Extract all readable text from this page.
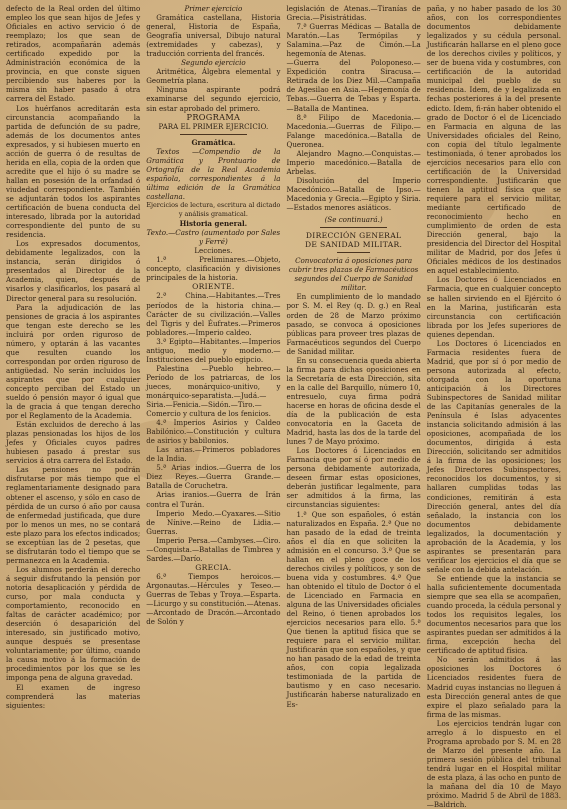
defecto de la Real orden del último empleo los que sean hijos de Jefes y Oficiales en activo servicio ó de reemplazo; los que sean de retirados, acompañarán además certificado expedido por la Administración económica de la provincia, en que conste siguen percibiendo sus haberes por la misma sin haber pasado á otra carrera del Estado.

Los huérfanos acreditarán esta circunstancia acompañando la partida de defunción de su padre, además de los documentos antes expresados, y si hubiesen muerto en acción de guerra ó de resultas de herida en ella, copia de la orden que acredite que el hijo ó su madre se hallan en posesión de la orfandad ó viudedad correspondiente. También se adjuntarán todos los aspirantes certificación de buena conducta del interesado, librada por la autoridad correspondiente del punto de su residencia.

Los expresados documentos, debidamente legalizados, con la instancia, serán dirigidos ó presentados al Director de la Academia, quien, después de visarlos y clasificarlos, los pasará al Director general para su resolución.

Para la adjudicación de las pensiones de gracia á los aspirantes que tengan este derecho se les incluirá por orden riguroso de número, y optarán á las vacantes que resulten cuando los correspondan por orden riguroso de antigüedad. No serán incluidos los aspirantes que por cualquier concepto perciban del Estado un sueldo ó pensión mayor ó igual que la de gracia á que tengan derecho por el Reglamento de la Academia.

Están excluidos de derecho á las plazas pensionadas los hijos de los Jefes y Oficiales cuyos padres hubiesen pasado á prestar sus servicios á otra carrera del Estado.

Las pensiones no podrán disfrutarse por más tiempo que el reglamentariamente designado para obtener el ascenso, y sólo en caso de pérdida de un curso ó año por causa de enfermedad justificada, que dure por lo menos un mes, no se contará este plazo para los efectos indicados; se exceptúan las de 2 pesetas, que se disfrutarán todo el tiempo que se permanezca en la Academia.

Los alumnos perderán el derecho á seguir disfrutando la pensión por notoria desaplicación y pérdida de curso, por mala conducta y comportamiento, reconocido en faltas de carácter académico; por deserción ó desaparición del interesado, sin justificado motivo, aunque después se presentase voluntariamente; por último, cuando la causa motivo á la formación de procedimientos por los que se les imponga pena de alguna gravedad.

El examen de ingreso comprenderá las materias siguientes:

Primer ejercicio

Gramática castellana, Historia general, Historia de España, Geografía universal, Dibujo natural (extremidades y cabezas), y traducción corrienta del francés.

Segundo ejercicio

Aritmética, Álgebra elemental y Geometría plana.

Ninguna aspirante podrá examinarse del segundo ejercicio, sin estar aprobado del primero.

PROGRAMA

PARA EL PRIMER EJERCICIO.

Gramática.

Textos —Compendio de la Gramática y Prontuario de Ortografía de la Real Academia española, correspondientes á la última edición de la Gramática castellana.

Ejercicios de lectura, escritura al dictado y análisis gramatical.

Historia general.

Texto.—Castro (aumentado por Sales y Ferré)

Lecciones.

1.ª Preliminares.—Objeto, concepto, clasificación y divisiones principales de la historia.

ORIENTE.

2.ª China.—Habitantes.—Tres períodos de la historia china.—Carácter de su civilización.—Valles del Tigris y del Éufrates.—Primeros pobladores.—Imperio caldeo.

3.ª Egipto—Habitantes.—Imperios antiguo, medio y moderno.—Instituciones del pueblo egipcio.

Palestina —Pueblo hebreo.—Período de los patriarcas, de los jueces, monárquico-unitivo, y monárquico-separatista.—Judá.—Siria.—Fenicia.—Sidón.—Tiro.—Comercio y cultura de los fenicios.

4.ª Imperios Asirios y Caldeo Babilónico.—Constitución y cultura de asirios y babilonios.

Las arias.—Primeros pobladores de la India.

5.ª Arias indios.—Guerra de los Diez Reyes.—Guerra Grande.—Batalla de Coruchetra.

Arias iranios.—Guerra de Irán contra el Turán.

Imperio Medo.—Cyaxares.—Sitio de Nínive.—Reino de Lidia.—Guerras.

Imperio Persa.—Cambyses.—Ciro.—Conquista.—Batallas de Timbrea y Sardes.—Darío.

GRECIA.

6.ª Tiempos heroicos.—Argonautas.—Hércules y Teseo.—Guerras de Tebas y Troya.—Esparta.—Licurgo y su constitución.—Atenas.—Arcontado de Dracón.—Arcontado de Solón y

legislación de Atenas.—Tiranías de Grecia.—Pisistrátidas.

7.ª Guerras Médicas — Batalla de Maratón.—Las Termópilas y Salamina.—Paz de Cimón.—La hegemonía de Atenas.

—Guerra del Poloponeso.—Expedición contra Siracusa.—Retirada de los Diez Mil.—Campaña de Agesilao en Asia.—Hegemonía de Tebas.—Guerra de Tebas y Esparta.—Batalla de Mantinea.

8.ª Filipo de Macedonia.—Macedonia.—Guerras de Filipo.—Falange macedónica.—Batalla de Queronea.

Alejandro Magno.—Conquistas.—Imperio macedónico.—Batalla de Arbelas.

Disolución del Imperio Macedónico.—Batalla de Ipso.—Macedonia y Grecia.—Egipto y Siria.—Estados menores asiáticos.

(Se continuará.)

DIRECCIÓN GENERAL

DE SANIDAD MILITAR.

Convocatoria á oposiciones para cubrir tres plazas de Farmacéuticos segundos del Cuerpo de Sanidad militar.

En cumplimiento de lo mandado por S. M. el Rey (q. D. g.) en Real orden de 28 de Marzo próximo pasado, se convoca á oposiciones públicas para proveer tres plazas de Farmacéuticos segundos del Cuerpo de Sanidad militar.

En su consecuencia queda abierta la firma para dichas oposiciones en la Secretaría de esta Dirección, sita en la calle del Barquillo, número 10, entresuelo, cuya firma podrá hacerse en horas de oficina desde el día de la publicación de esta convocatoria en la Gaceta de Madrid, hasta las dos de la tarde del lunes 7 de Mayo próximo.

Los Doctores ó Licenciados en Farmacia que por sí ó por medio de persona debidamente autorizada, deseen firmar estas oposiciones, deberán justificar legalmente, para ser admitidos á la firma, las circunstancias siguientes:

1.ª Que son españoles, ó están naturalizados en España. 2.ª Que no han pasado de la edad de treinta años el día en que soliciten la admisión en el concurso. 3.ª Que se hallan en el pleno goce de los derechos civiles y políticos, y son de buena vida y costumbres. 4.ª Que han obtenido el título de Doctor ó el de Licenciado en Farmacia en alguna de las Universidades oficiales del Reino, ó tienen aprobados los ejercicios necesarios para ello. 5.ª Que tienen la aptitud física que se requiere para el servicio militar. Justificarán que son españoles, y que no han pasado de la edad de treinta años, con copia legalizada testimoniada de la partida de bautismo y en caso necesario. Justificarán haberse naturalizado en Es-

paña, y no haber pasado de los 30 años, con los correspondientes documentos debidamente legalizados y su cédula personal. Justificarán hallarse en el pleno goce de los derechos civiles y políticos, y ser de buena vida y costumbres, con certificación de la autoridad municipal del pueblo de su residencia. Idem, de y legalizada en fechas posteriores á la del presente edicto. Idem, fi-rán haber obtenido el grado de Doctor ó el de Licenciado en Farmacia en alguna de las Universidades oficiales del Reino, con copia del título legalmente testimoniada, ó tener aprobados los ejercicios necesarios para ello con certificación de la Universidad correspondiente. Justificarán que tienen la aptitud física que se requiere para el servicio militar, mediante certificado de reconocimiento hecho en cumplimiento de orden de esta Dirección general, bajo la presidencia del Director del Hospital militar de Madrid, por dos Jefes ú Oficiales médicos de los destinados en aquel establecimiento.

Los Doctores ó Licenciados en Farmacia, que en cualquier concepto se hallen sirviendo en el Ejército ó en la Marina, justificarán esta circunstancia con certificación librada por los Jefes superiores de quienes dependan.

Los Doctores ó Licenciados en Farmacia residentes fuera de Madrid, que por sí ó por medio de persona autorizada al efecto, otorgada con la oportuna anticipación á los Directores Subinspectores de Sanidad militar de las Capitanías generales de la Península é Islas adyacentes instancia solicitando admisión á las oposiciones, acompañada de los documentos, dirigida á esta Dirección, solicitando ser admitidos á la firma de las oposiciones; los Jefes Directores Subinspectores, reconocidos los documentos, y si hallaren cumplidas todas las condiciones, remitirán á esta Dirección general, antes del día señalado, la instancia con los documentos debidamente legalizados, la documentación y aprobación de la Academia, y los aspirantes se presentarán para verificar los ejercicios el día que se señale con la debida antelación.

Se entiende que la instancia se halla suficientemente documentada siempre que sea ella se acompañen, cuando proceda, la cédula personal y todos los requisitos legales, los documentos necesarios para que los aspirantes puedan ser admitidos á la firma, excepción hecha del certificado de aptitud física.

No serán admitidos á las oposiciones los Doctores ó Licenciados residentes fuera de Madrid cuyas instancias no lleguen á esta Dirección general antes de que expire el plazo señalado para la firma de las mismas.

Los ejercicios tendrán lugar con arreglo á lo dispuesto en el Programa aprobado por S. M. en 28 de Marzo del presente año. La primera sesión pública del tribunal tendrá lugar en el Hospital militar de esta plaza, á las ocho en punto de la mañana del día 10 de Mayo próximo. Madrid 5 de Abril de 1883.—Baldrich.
